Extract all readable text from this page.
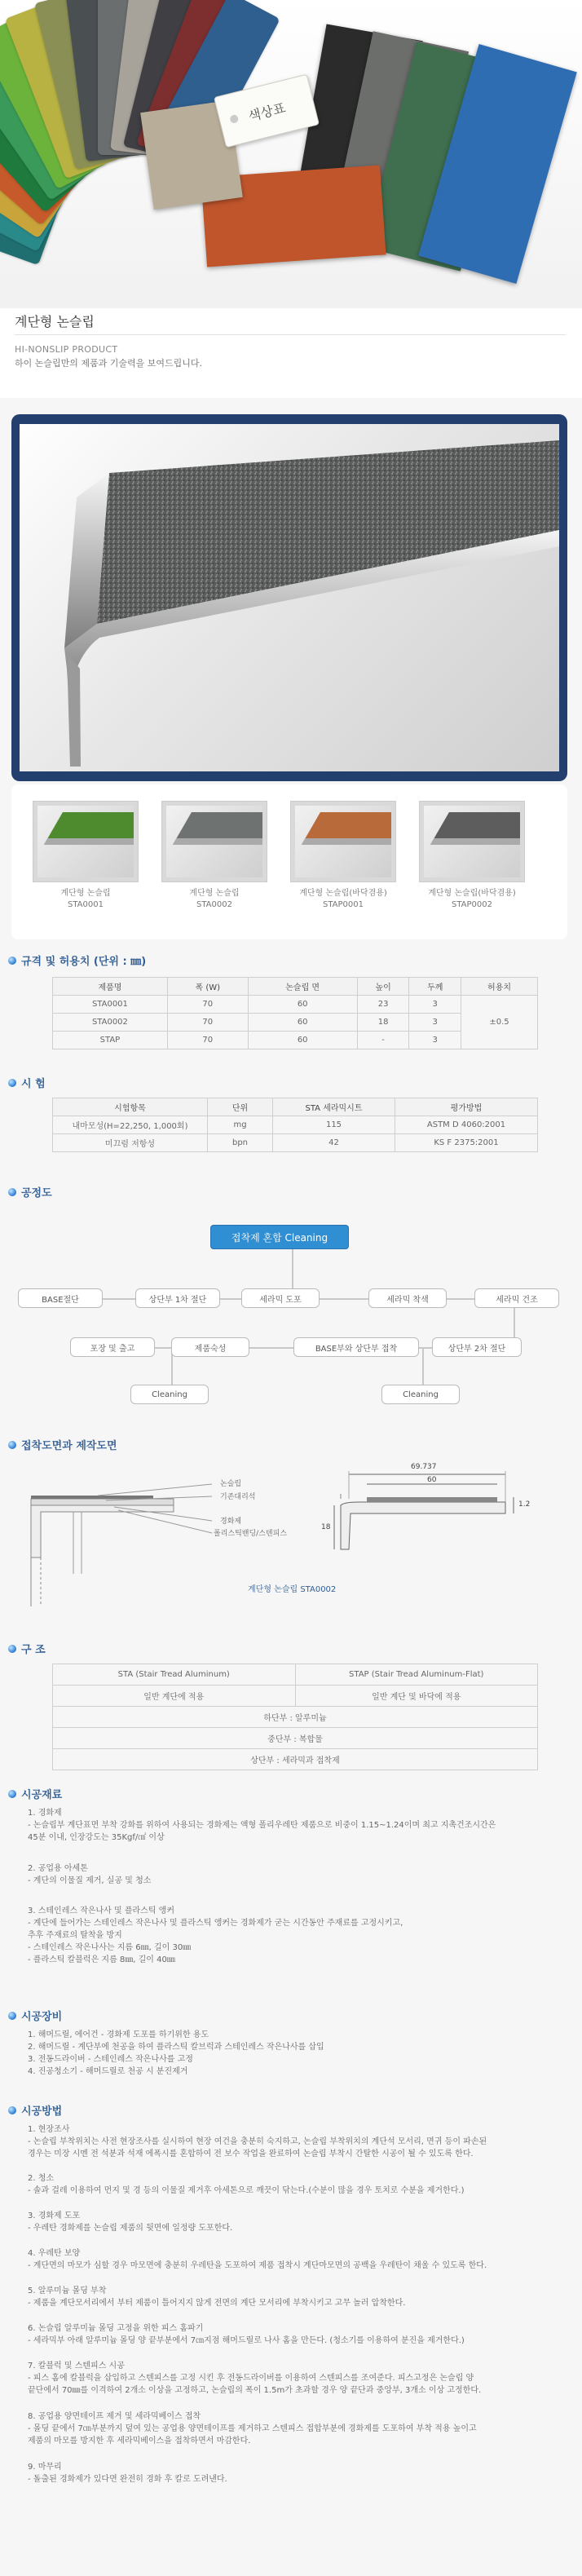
색상표
계단형 논슬립
HI-NONSLIP PRODUCT
하이 논슬립만의 제품과 기술력을 보여드립니다.
계단형 논슬립
STA0001
계단형 논슬립
STA0002
계단형 논슬립(바닥겸용)
STAP0001
계단형 논슬립(바닥겸용)
STAP0002
규격 및 허용치 (단위 : ㎜)
제품명	폭 (W)	논슬립 면	높이	두께	허용치
STA0001	70	60	23	3	±0.5
STA0002	70	60	18	3	
STAP	70	60	-	3	
시 험
시험항목	단위	STA 세라믹시트	평가방법
내마모성(H=22,250, 1,000회)	mg	115	ASTM D 4060:2001
미끄럼 저항성	bpn	42	KS F 2375:2001
공정도
접착제 혼합 Cleaning
BASE절단	상단부 1차 절단	세라믹 도포	세라믹 착색	세라믹 건조
포장 및 출고	제품숙성	BASE부와 상단부 접착	상단부 2차 절단
Cleaning	Cleaning
접착도면과 제작도면
논슬립
기존대리석
경화제
폴리스틱밴딩/스텐피스
69.737
60
18
1.2
계단형 논슬립 STA0002
구 조
STA (Stair Tread Aluminum)	STAP (Stair Tread Aluminum-Flat)
일반 계단에 적용	일반 계단 및 바닥에 적용
하단부 : 알루미늄	
중단부 : 복합물	
상단부 : 세라믹과 접착제	
시공재료
1. 경화제
- 논슬립부 계단표면 부착 강화를 위하여 사용되는 경화제는 액형 폴리우레탄 제품으로 비중이 1.15~1.24이며 최고 지촉건조시간은
45분 이내, 인장강도는 35Kgf/㎠ 이상
2. 공업용 아세톤
- 계단의 이물질 제거, 실공 및 청소
3. 스테인레스 작은나사 및 플라스틱 앵커
- 계단에 들어가는 스테인레스 작은나사 및 플라스틱 앵커는 경화제가 굳는 시간동안 주재료를 고정시키고,
추후 주재료의 탈착을 방지
- 스테인레스 작은나사는 지름 6㎜, 길이 30㎜
- 플라스틱 칼블럭은 지름 8㎜, 길이 40㎜
시공장비
1. 해머드릴, 에어건 - 경화제 도포를 하기위한 용도
2. 해머드릴 - 계단부에 천공을 하여 플라스틱 칼브럭과 스테인레스 작은나사를 삽입
3. 전동드라이버 - 스테인레스 작은나사를 고정
4. 진공청소기 - 해머드릴로 천공 시 분진제거
시공방법
1. 현장조사
- 논슬립 부착위치는 사전 현장조사를 실시하여 현장 여건을 충분히 숙지하고, 논슬립 부착위치의 계단석 모서리, 면귀 등이 파손된
경우는 미장 시멘 전 석분과 석재 에폭시를 혼합하여 전 보수 작업을 완료하여 논슬립 부착시 간탈한 시공이 될 수 있도록 한다.
2. 청소
- 솔과 걸레 이용하여 먼지 및 경 등의 이물질 제거후 아세톤으로 깨끗이 닦는다.(수분이 많을 경우 토치로 수분을 제거한다.)
3. 경화제 도포
- 우레탄 경화제를 논슬립 제품의 뒷면에 일정량 도포한다.
4. 우레탄 보양
- 계단면의 마모가 심할 경우 마모면에 충분히 우레탄을 도포하여 제품 접착시 계단마모면의 공백을 우레탄이 채울 수 있도록 한다.
5. 알루미늄 몰딩 부착
- 제품을 계단모서리에서 부터 제품이 틀어지지 않게 전면의 계단 모서리에 부착시키고 고무 놀러 압착한다.
6. 논슬립 알루미늄 몰딩 고정을 위한 피스 홈파기
- 세라믹부 아래 알루미늄 몰딩 양 끝부분에서 7㎝지점 해머드릴로 나사 홈을 만든다. (청소기를 이용하여 분진을 제거한다.)
7. 칼블럭 및 스텐피스 시공
- 피스 홈에 칼블럭을 삽입하고 스텐피스를 고정 시킨 후 전동드라이버를 이용하여 스텐피스를 조여준다. 피스고정은 논슬립 양
끝단에서 70㎜를 이격하여 2개소 이상을 고정하고, 논슬립의 폭이 1.5m가 초과할 경우 양 끝단과 중앙부, 3개소 이상 고정한다.
8. 공업용 양면테이프 제거 및 세라믹베이스 접착
- 몰딩 끝에서 7㎝부분까지 덮여 있는 공업용 양면테이프를 제거하고 스텐피스 접합부분에 경화제를 도포하여 부착 적용 높이고
제품의 마모를 방지한 후 세라믹베이스을 접착하면서 마감한다.
9. 마무리
- 돌출된 경화제가 있다면 완전히 경화 후 칼로 도려낸다.
